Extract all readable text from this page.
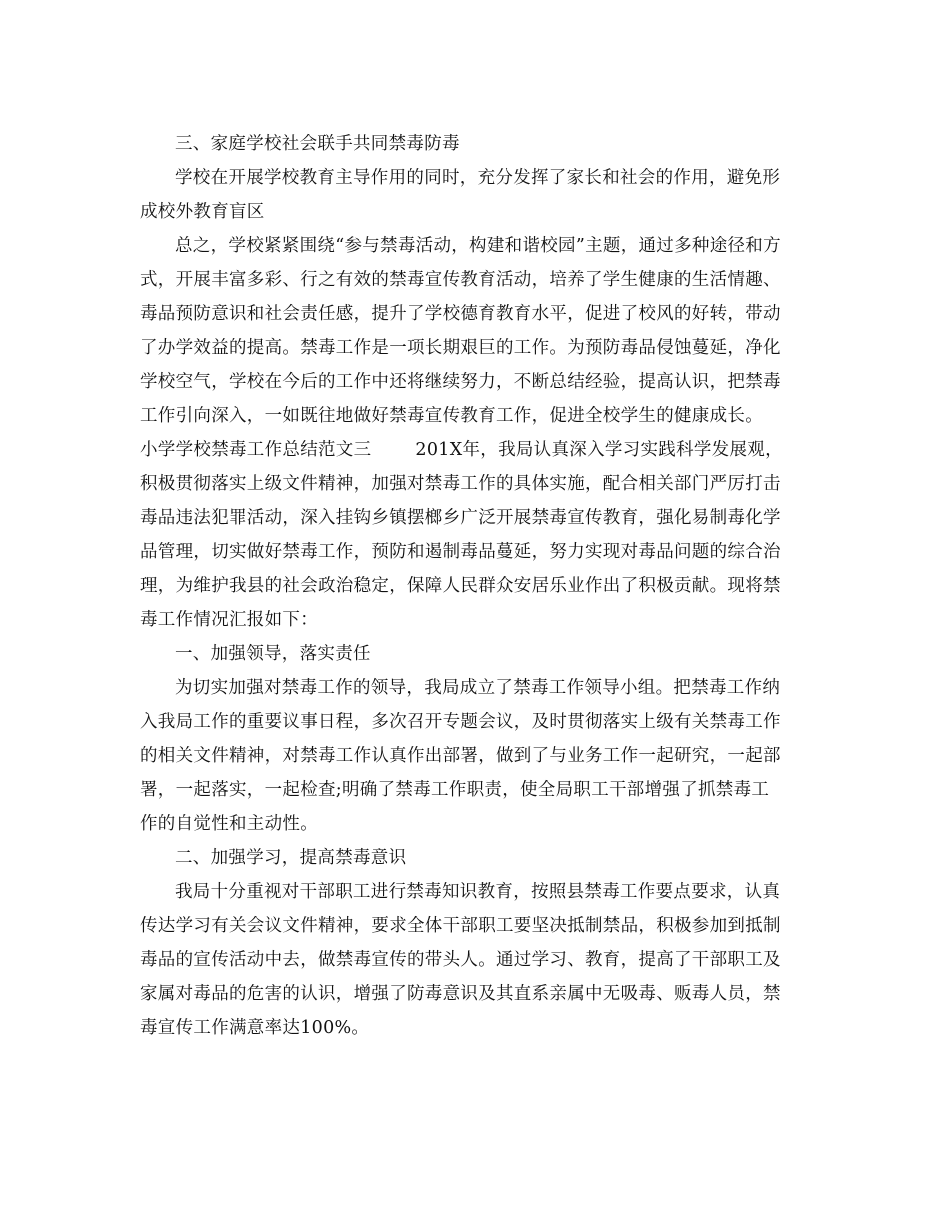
三、家庭学校社会联手共同禁毒防毒
学校在开展学校教育主导作用的同时，充分发挥了家长和社会的作用，避免形
成校外教育盲区
总之，学校紧紧围绕“参与禁毒活动，构建和谐校园”主题，通过多种途径和方
式，开展丰富多彩、行之有效的禁毒宣传教育活动，培养了学生健康的生活情趣、
毒品预防意识和社会责任感，提升了学校德育教育水平，促进了校风的好转，带动
了办学效益的提高。禁毒工作是一项长期艰巨的工作。为预防毒品侵蚀蔓延，净化
学校空气，学校在今后的工作中还将继续努力，不断总结经验，提高认识，把禁毒
工作引向深入，一如既往地做好禁毒宣传教育工作，促进全校学生的健康成长。
小学学校禁毒工作总结范文三	201X年，我局认真深入学习实践科学发展观，
积极贯彻落实上级文件精神，加强对禁毒工作的具体实施，配合相关部门严厉打击
毒品违法犯罪活动，深入挂钩乡镇摆榔乡广泛开展禁毒宣传教育，强化易制毒化学
品管理，切实做好禁毒工作，预防和遏制毒品蔓延，努力实现对毒品问题的综合治
理，为维护我县的社会政治稳定，保障人民群众安居乐业作出了积极贡献。现将禁
毒工作情况汇报如下：
一、加强领导，落实责任
为切实加强对禁毒工作的领导，我局成立了禁毒工作领导小组。把禁毒工作纳
入我局工作的重要议事日程，多次召开专题会议，及时贯彻落实上级有关禁毒工作
的相关文件精神，对禁毒工作认真作出部署，做到了与业务工作一起研究，一起部
署，一起落实，一起检查;明确了禁毒工作职责，使全局职工干部增强了抓禁毒工
作的自觉性和主动性。
二、加强学习，提高禁毒意识
我局十分重视对干部职工进行禁毒知识教育，按照县禁毒工作要点要求，认真
传达学习有关会议文件精神，要求全体干部职工要坚决抵制禁品，积极参加到抵制
毒品的宣传活动中去，做禁毒宣传的带头人。通过学习、教育，提高了干部职工及
家属对毒品的危害的认识，增强了防毒意识及其直系亲属中无吸毒、贩毒人员，禁
毒宣传工作满意率达100%。
